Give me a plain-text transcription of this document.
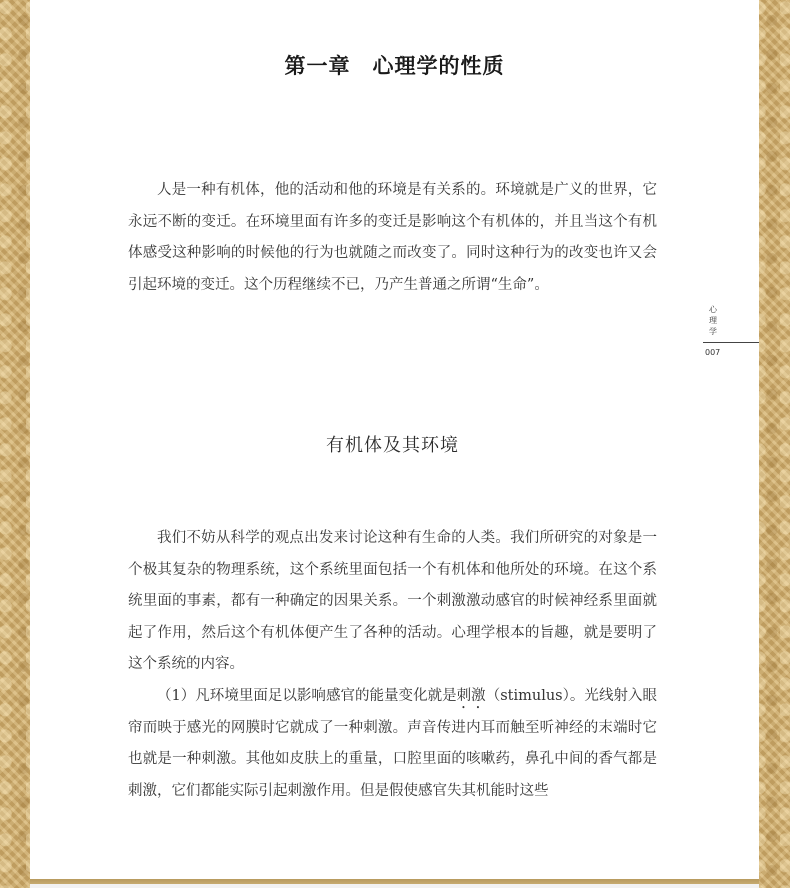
第一章　心理学的性质

人是一种有机体，他的活动和他的环境是有关系的。环境就是广义的世界，它永远不断的变迁。在环境里面有许多的变迁是影响这个有机体的，并且当这个有机体感受这种影响的时候他的行为也就随之而改变了。同时这种行为的改变也许又会引起环境的变迁。这个历程继续不已，乃产生普通之所谓“生命”。

有机体及其环境

我们不妨从科学的观点出发来讨论这种有生命的人类。我们所研究的对象是一个极其复杂的物理系统，这个系统里面包括一个有机体和他所处的环境。在这个系统里面的事素，都有一种确定的因果关系。一个刺激激动感官的时候神经系里面就起了作用，然后这个有机体便产生了各种的活动。心理学根本的旨趣，就是要明了这个系统的内容。

（1）凡环境里面足以影响感官的能量变化就是刺激（stimulus）。光线射入眼帘而映于感光的网膜时它就成了一种刺激。声音传进内耳而触至听神经的末端时它也就是一种刺激。其他如皮肤上的重量，口腔里面的咳嗽药，鼻孔中间的香气都是刺激，它们都能实际引起刺激作用。但是假使感官失其机能时这些

心
理
学
007
